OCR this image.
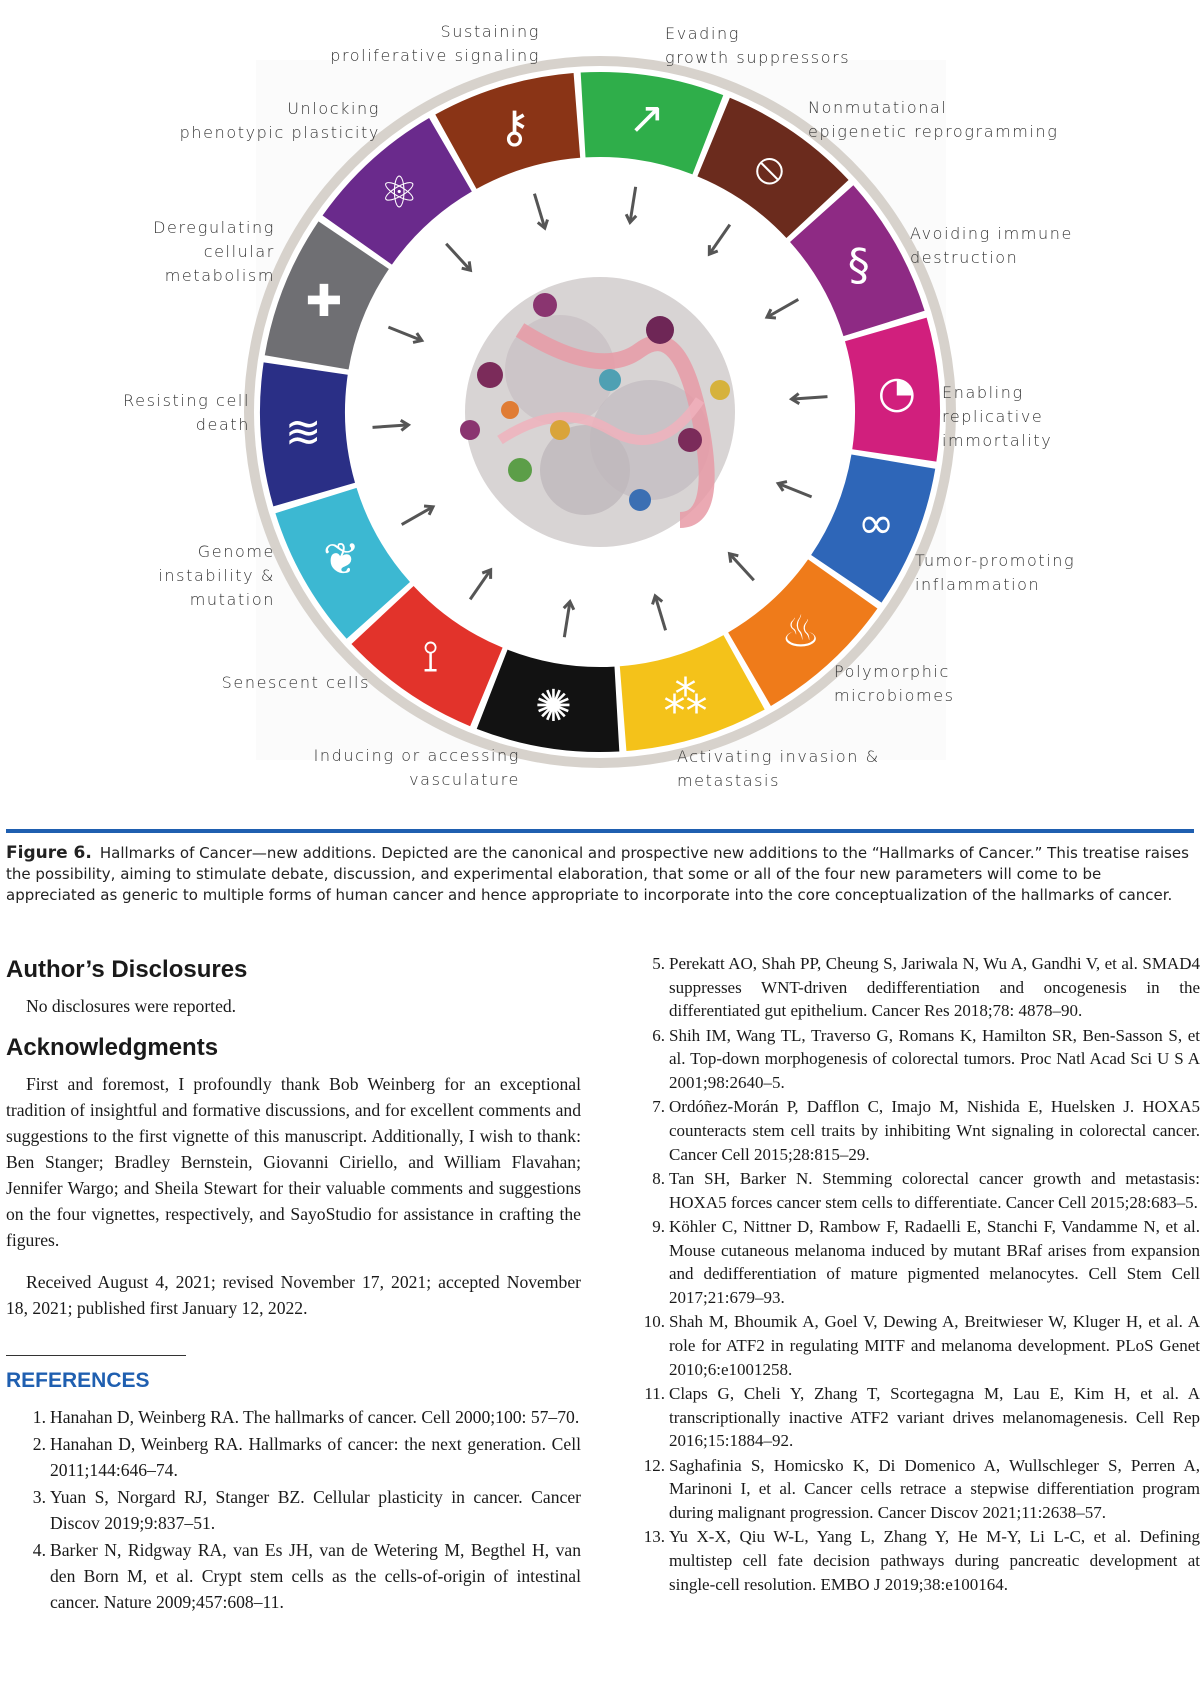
↗
⦸
§
◔
∞
♨
⁂
✺
⟟
❦
≋
✚
⚛
⚷
Sustaining
proliferative signaling
Evading
growth suppressors
Nonmutational
epigenetic reprogramming
Avoiding immune
destruction
Enabling
replicative
immortality
Tumor-promoting
inflammation
Polymorphic
microbiomes
Activating invasion &
metastasis
Inducing or accessing
vasculature
Senescent cells
Genome
instability &
mutation
Resisting cell
death
Deregulating
cellular
metabolism
Unlocking
phenotypic plasticity
Figure 6. Hallmarks of Cancer—new additions. Depicted are the canonical and prospective new additions to the “Hallmarks of Cancer.” This treatise raises the possibility, aiming to stimulate debate, discussion, and experimental elaboration, that some or all of the four new parameters will come to be appreciated as generic to multiple forms of human cancer and hence appropriate to incorporate into the core conceptualization of the hallmarks of cancer.
Author’s Disclosures

No disclosures were reported.

Acknowledgments

First and foremost, I profoundly thank Bob Weinberg for an exceptional tradition of insightful and formative discussions, and for excellent comments and suggestions to the first vignette of this manuscript. Additionally, I wish to thank: Ben Stanger; Bradley Bernstein, Giovanni Ciriello, and William Flavahan; Jennifer Wargo; and Sheila Stewart for their valuable comments and suggestions on the four vignettes, respectively, and SayoStudio for assistance in crafting the figures.

Received August 4, 2021; revised November 17, 2021; accepted November 18, 2021; published first January 12, 2022.

REFERENCES
1. Hanahan D, Weinberg RA. The hallmarks of cancer. Cell 2000;100: 57–70.
2. Hanahan D, Weinberg RA. Hallmarks of cancer: the next generation. Cell 2011;144:646–74.
3. Yuan S, Norgard RJ, Stanger BZ. Cellular plasticity in cancer. Cancer Discov 2019;9:837–51.
4. Barker N, Ridgway RA, van Es JH, van de Wetering M, Begthel H, van den Born M, et al. Crypt stem cells as the cells-of-origin of intestinal cancer. Nature 2009;457:608–11.
5. Perekatt AO, Shah PP, Cheung S, Jariwala N, Wu A, Gandhi V, et al. SMAD4 suppresses WNT-driven dedifferentiation and oncogenesis in the differentiated gut epithelium. Cancer Res 2018;78: 4878–90.
6. Shih IM, Wang TL, Traverso G, Romans K, Hamilton SR, Ben-Sasson S, et al. Top-down morphogenesis of colorectal tumors. Proc Natl Acad Sci U S A 2001;98:2640–5.
7. Ordóñez-Morán P, Dafflon C, Imajo M, Nishida E, Huelsken J. HOXA5 counteracts stem cell traits by inhibiting Wnt signaling in colorectal cancer. Cancer Cell 2015;28:815–29.
8. Tan SH, Barker N. Stemming colorectal cancer growth and metastasis: HOXA5 forces cancer stem cells to differentiate. Cancer Cell 2015;28:683–5.
9. Köhler C, Nittner D, Rambow F, Radaelli E, Stanchi F, Vandamme N, et al. Mouse cutaneous melanoma induced by mutant BRaf arises from expansion and dedifferentiation of mature pigmented melanocytes. Cell Stem Cell 2017;21:679–93.
10. Shah M, Bhoumik A, Goel V, Dewing A, Breitwieser W, Kluger H, et al. A role for ATF2 in regulating MITF and melanoma development. PLoS Genet 2010;6:e1001258.
11. Claps G, Cheli Y, Zhang T, Scortegagna M, Lau E, Kim H, et al. A transcriptionally inactive ATF2 variant drives melanomagenesis. Cell Rep 2016;15:1884–92.
12. Saghafinia S, Homicsko K, Di Domenico A, Wullschleger S, Perren A, Marinoni I, et al. Cancer cells retrace a stepwise differentiation program during malignant progression. Cancer Discov 2021;11:2638–57.
13. Yu X-X, Qiu W-L, Yang L, Zhang Y, He M-Y, Li L-C, et al. Defining multistep cell fate decision pathways during pancreatic development at single-cell resolution. EMBO J 2019;38:e100164.
